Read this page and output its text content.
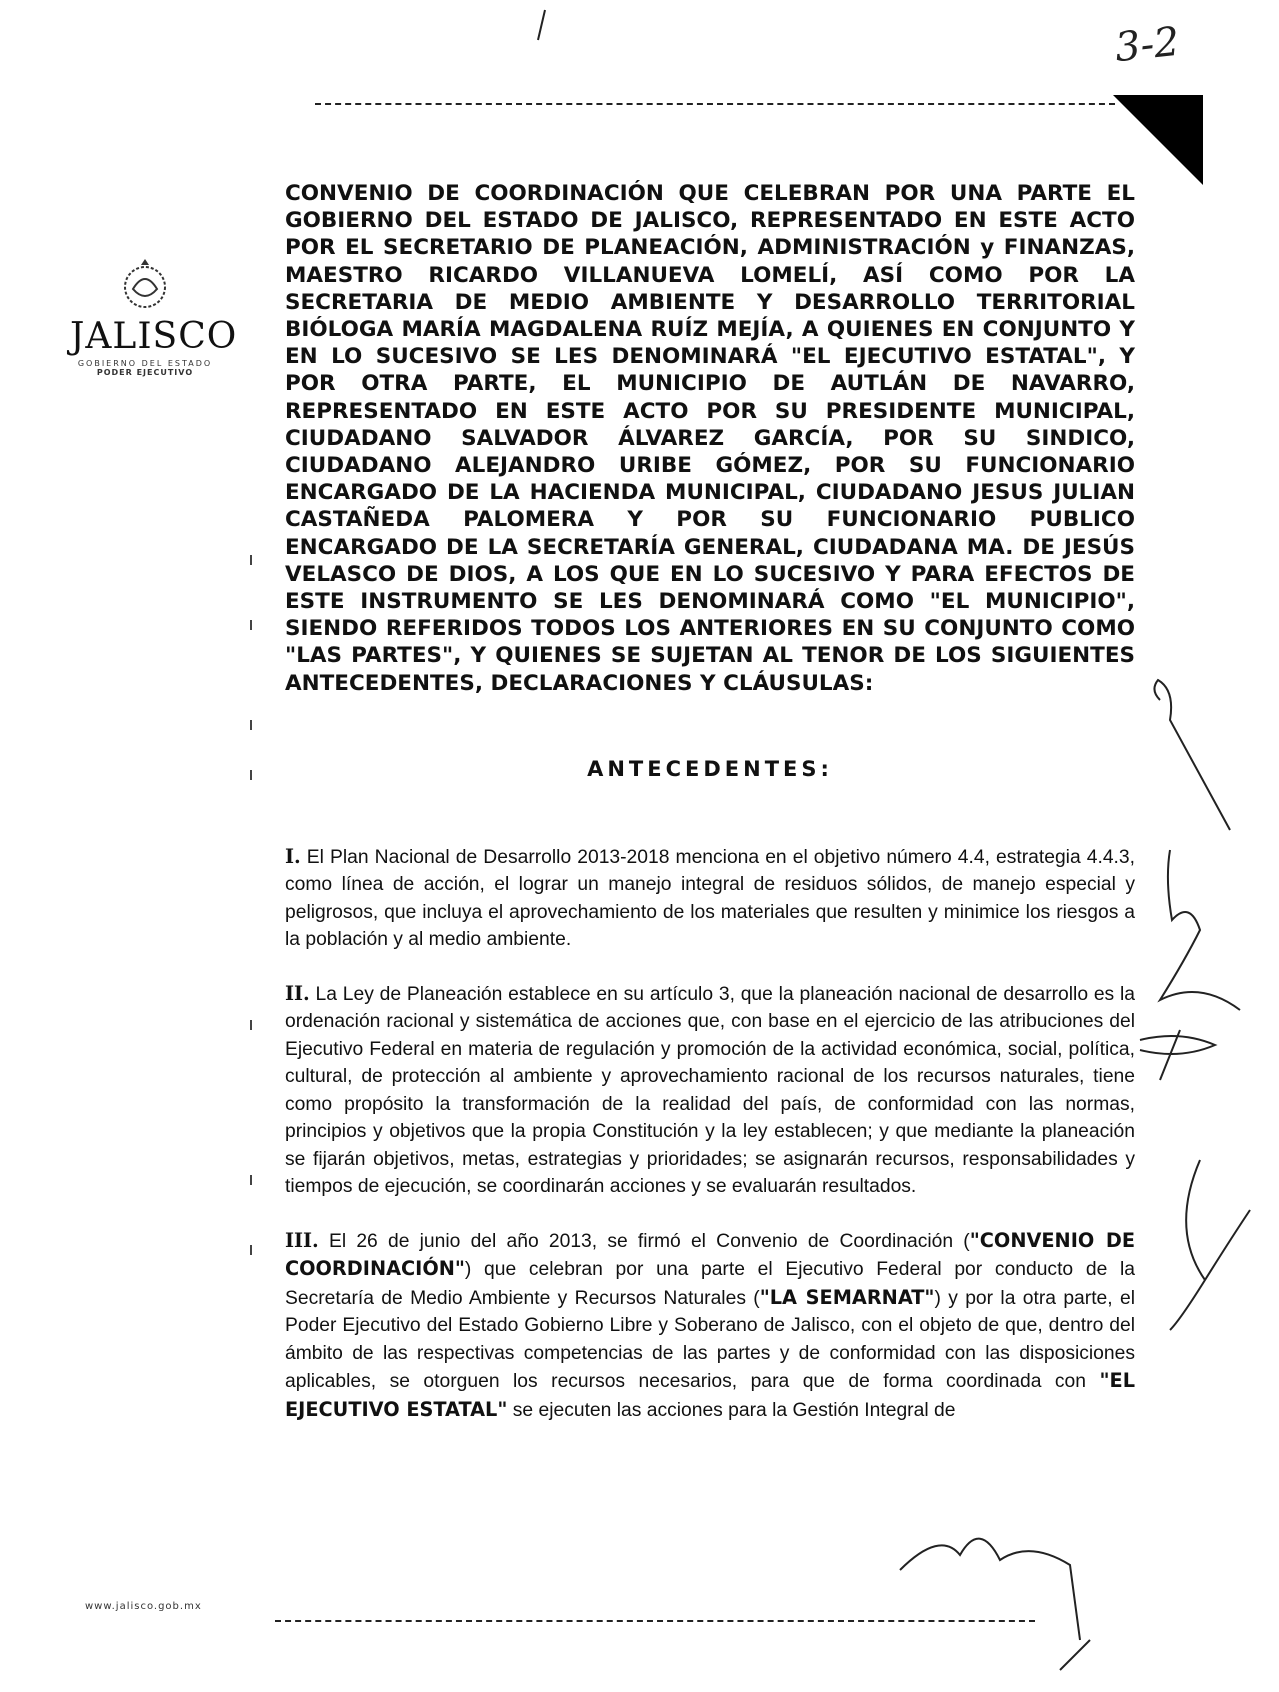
3-2
JALISCO
GOBIERNO DEL ESTADO
PODER EJECUTIVO

CONVENIO DE COORDINACIÓN QUE CELEBRAN POR UNA PARTE EL GOBIERNO DEL ESTADO DE JALISCO, REPRESENTADO EN ESTE ACTO POR EL SECRETARIO DE PLANEACIÓN, ADMINISTRACIÓN y FINANZAS, MAESTRO RICARDO VILLANUEVA LOMELÍ, ASÍ COMO POR LA SECRETARIA DE MEDIO AMBIENTE Y DESARROLLO TERRITORIAL BIÓLOGA MARÍA MAGDALENA RUÍZ MEJÍA, A QUIENES EN CONJUNTO Y EN LO SUCESIVO SE LES DENOMINARÁ "EL EJECUTIVO ESTATAL", Y POR OTRA PARTE, EL MUNICIPIO DE AUTLÁN DE NAVARRO, REPRESENTADO EN ESTE ACTO POR SU PRESIDENTE MUNICIPAL, CIUDADANO SALVADOR ÁLVAREZ GARCÍA, POR SU SINDICO, CIUDADANO ALEJANDRO URIBE GÓMEZ, POR SU FUNCIONARIO ENCARGADO DE LA HACIENDA MUNICIPAL, CIUDADANO JESUS JULIAN CASTAÑEDA PALOMERA Y POR SU FUNCIONARIO PUBLICO ENCARGADO DE LA SECRETARÍA GENERAL, CIUDADANA MA. DE JESÚS VELASCO DE DIOS, A LOS QUE EN LO SUCESIVO Y PARA EFECTOS DE ESTE INSTRUMENTO SE LES DENOMINARÁ COMO "EL MUNICIPIO", SIENDO REFERIDOS TODOS LOS ANTERIORES EN SU CONJUNTO COMO "LAS PARTES", Y QUIENES SE SUJETAN AL TENOR DE LOS SIGUIENTES ANTECEDENTES, DECLARACIONES Y CLÁUSULAS:

ANTECEDENTES:

I. El Plan Nacional de Desarrollo 2013-2018 menciona en el objetivo número 4.4, estrategia 4.4.3, como línea de acción, el lograr un manejo integral de residuos sólidos, de manejo especial y peligrosos, que incluya el aprovechamiento de los materiales que resulten y minimice los riesgos a la población y al medio ambiente.

II. La Ley de Planeación establece en su artículo 3, que la planeación nacional de desarrollo es la ordenación racional y sistemática de acciones que, con base en el ejercicio de las atribuciones del Ejecutivo Federal en materia de regulación y promoción de la actividad económica, social, política, cultural, de protección al ambiente y aprovechamiento racional de los recursos naturales, tiene como propósito la transformación de la realidad del país, de conformidad con las normas, principios y objetivos que la propia Constitución y la ley establecen; y que mediante la planeación se fijarán objetivos, metas, estrategias y prioridades; se asignarán recursos, responsabilidades y tiempos de ejecución, se coordinarán acciones y se evaluarán resultados.

III. El 26 de junio del año 2013, se firmó el Convenio de Coordinación ("CONVENIO DE COORDINACIÓN") que celebran por una parte el Ejecutivo Federal por conducto de la Secretaría de Medio Ambiente y Recursos Naturales ("LA SEMARNAT") y por la otra parte, el Poder Ejecutivo del Estado Gobierno Libre y Soberano de Jalisco, con el objeto de que, dentro del ámbito de las respectivas competencias de las partes y de conformidad con las disposiciones aplicables, se otorguen los recursos necesarios, para que de forma coordinada con "EL EJECUTIVO ESTATAL" se ejecuten las acciones para la Gestión Integral de

www.jalisco.gob.mx
